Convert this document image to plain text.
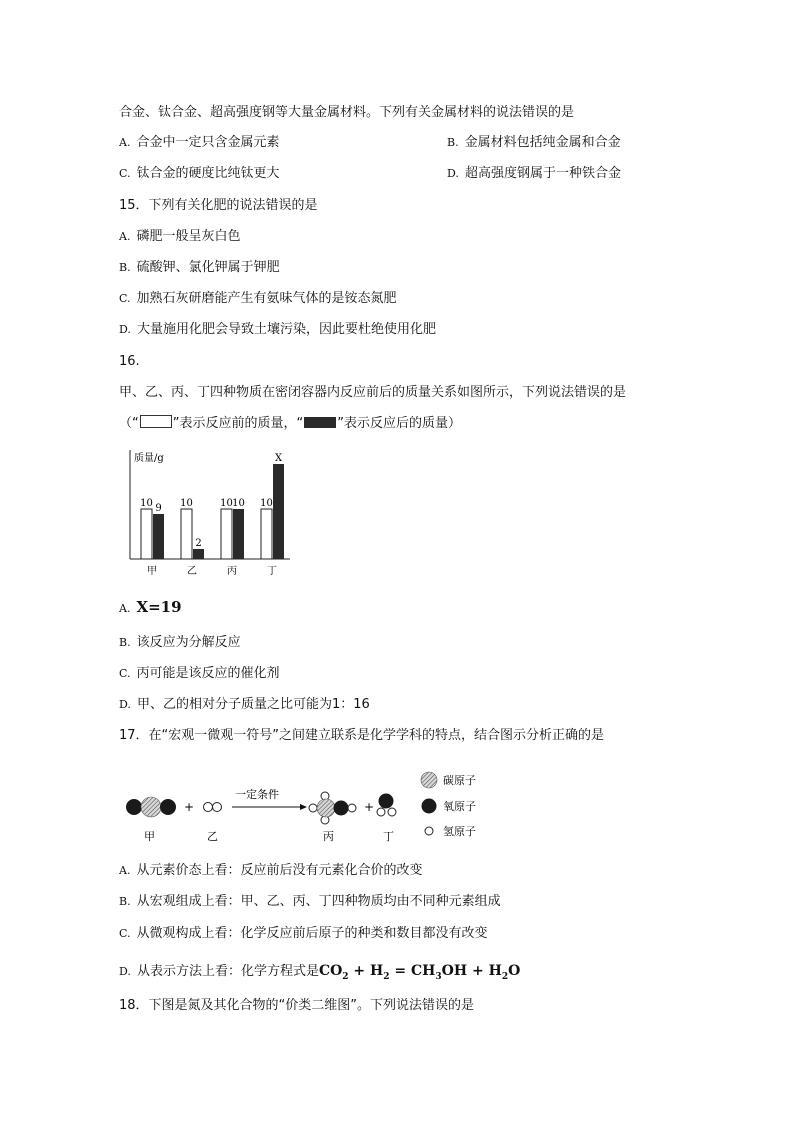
合金、钛合金、超高强度钢等大量金属材料。下列有关金属材料的说法错误的是
A. 合金中一定只含金属元素	B. 金属材料包括纯金属和合金
C. 钛合金的硬度比纯钛更大	D. 超高强度钢属于一种铁合金
15．下列有关化肥的说法错误的是
A. 磷肥一般呈灰白色
B. 硫酸钾、氯化钾属于钾肥
C. 加熟石灰研磨能产生有氨味气体的是铵态氮肥
D. 大量施用化肥会导致土壤污染，因此要杜绝使用化肥
16.
甲、乙、丙、丁四种物质在密闭容器内反应前后的质量关系如图所示，下列说法错误的是
（“	”表示反应前的质量，“	”表示反应后的质量）
质量/g
10 9
甲
10
2
乙
10 10
丙
10
X
丁
A. X=19
B. 该反应为分解反应
C. 丙可能是该反应的催化剂
D. 甲、乙的相对分子质量之比可能为1：16
17．在“宏观一微观一符号”之间建立联系是化学学科的特点，结合图示分析正确的是
+
一定条件
+
甲	乙	丙	丁
碳原子
氧原子
氢原子
A. 从元素价态上看：反应前后没有元素化合价的改变
B. 从宏观组成上看：甲、乙、丙、丁四种物质均由不同种元素组成
C. 从微观构成上看：化学反应前后原子的种类和数目都没有改变
D. 从表示方法上看：化学方程式是$CO_2 + H_2 = CH_3OH + H_2O$
18．下图是氮及其化合物的“价类二维图”。下列说法错误的是
